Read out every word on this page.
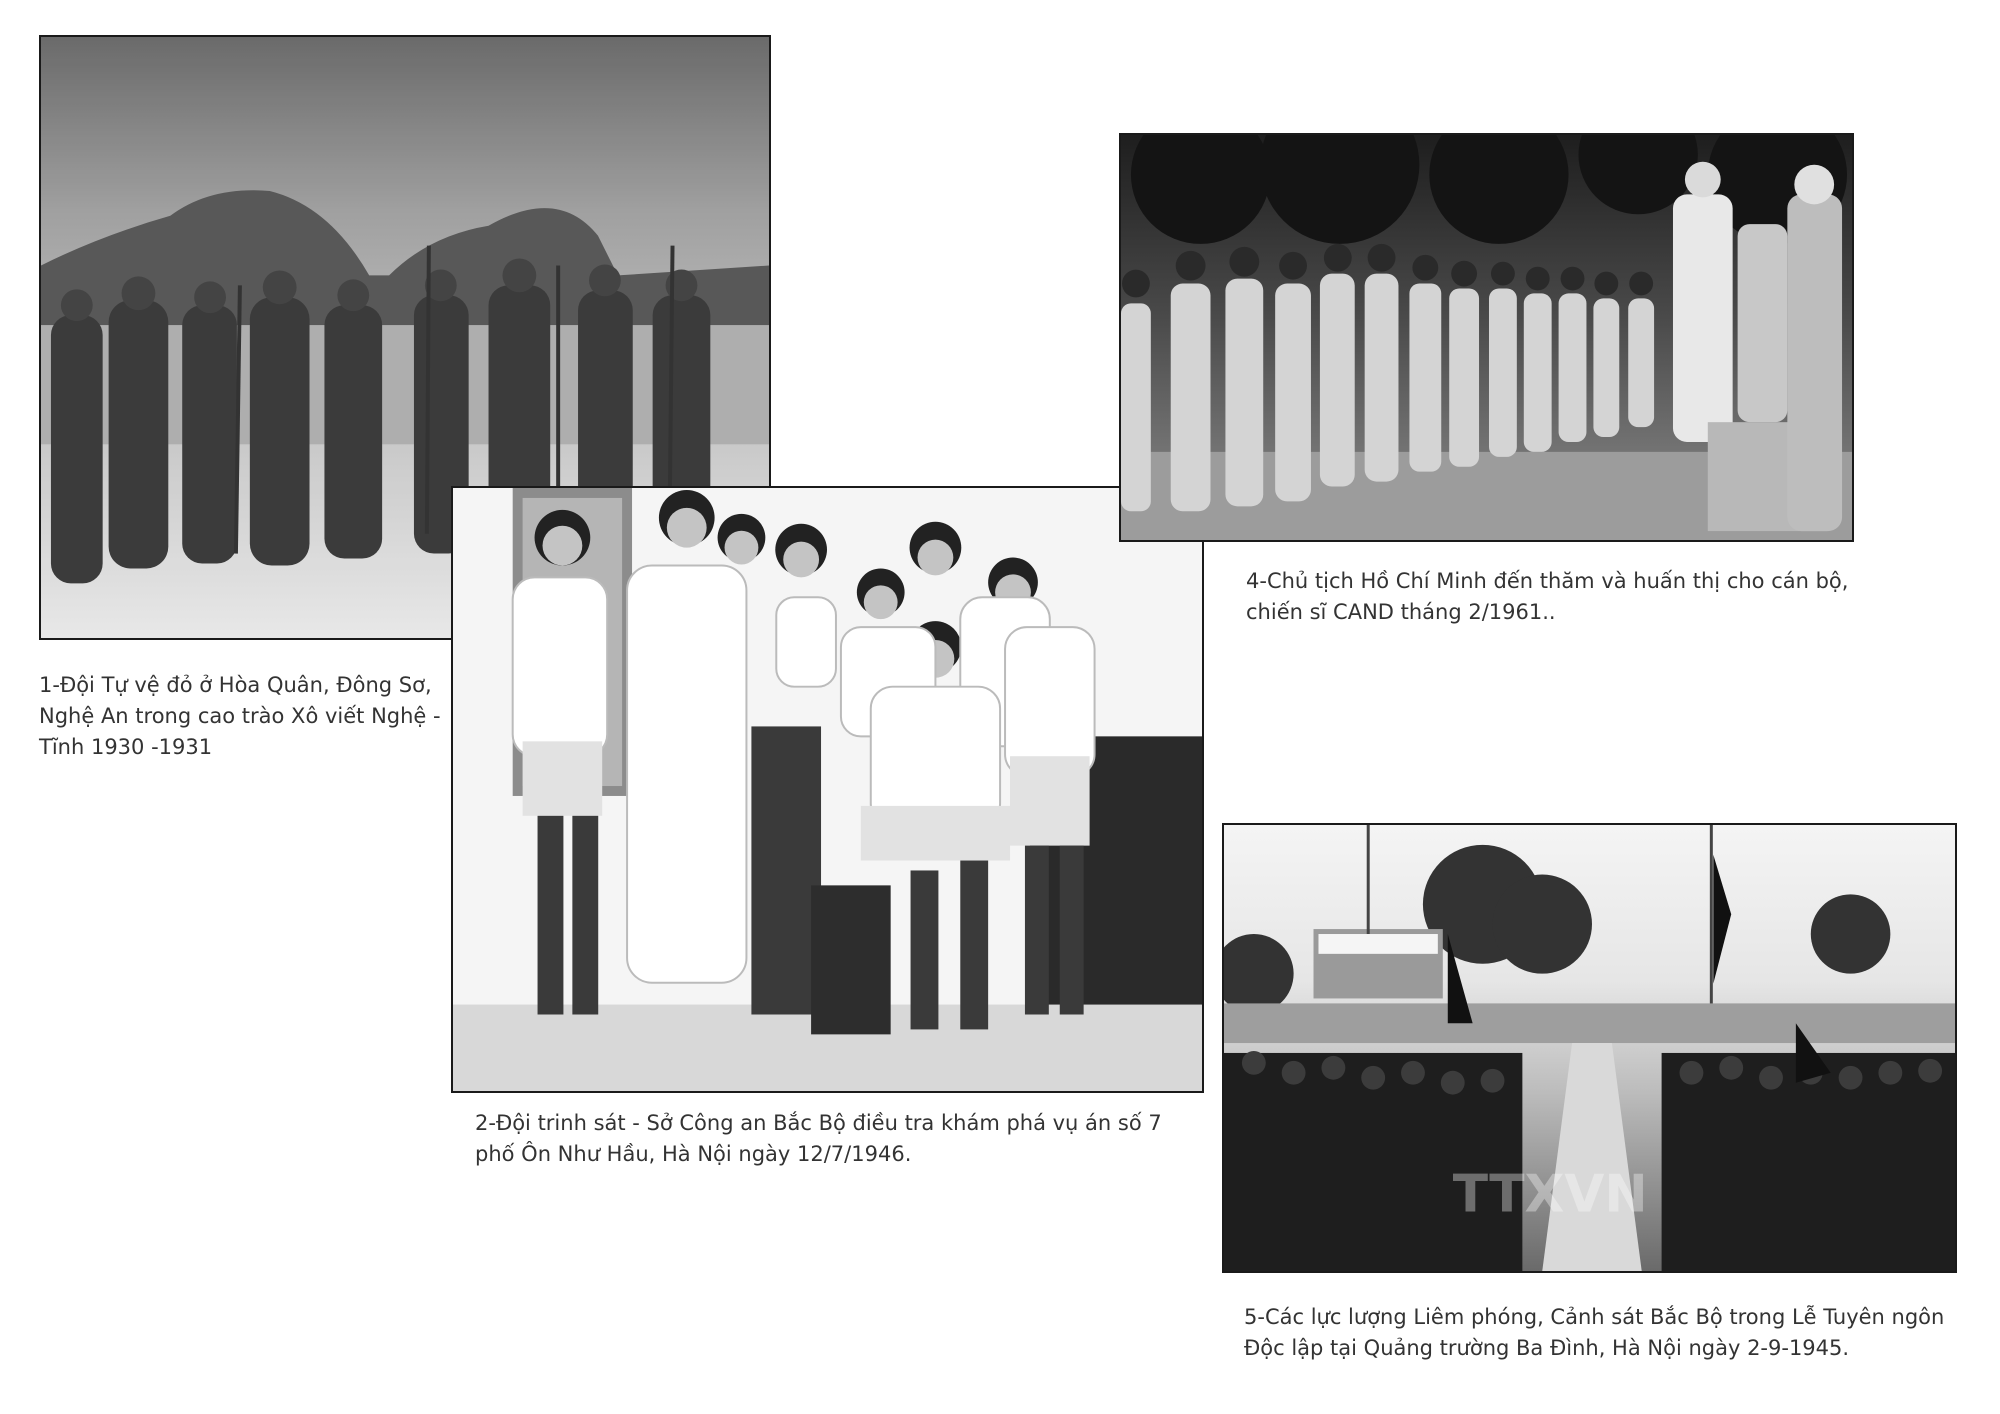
1-Đội Tự vệ đỏ ở Hòa Quân, Đông Sơ,
Nghệ An trong cao trào Xô viết Nghệ -
Tĩnh 1930 -1931

2-Đội trinh sát - Sở Công an Bắc Bộ điều tra khám phá vụ án số 7
phố Ôn Như Hầu, Hà Nội ngày 12/7/1946.

4-Chủ tịch Hồ Chí Minh đến thăm và huấn thị cho cán bộ,
chiến sĩ CAND tháng 2/1961..

TTXVN

5-Các lực lượng Liêm phóng, Cảnh sát Bắc Bộ trong Lễ Tuyên ngôn
Độc lập tại Quảng trường Ba Đình, Hà Nội ngày 2-9-1945.
